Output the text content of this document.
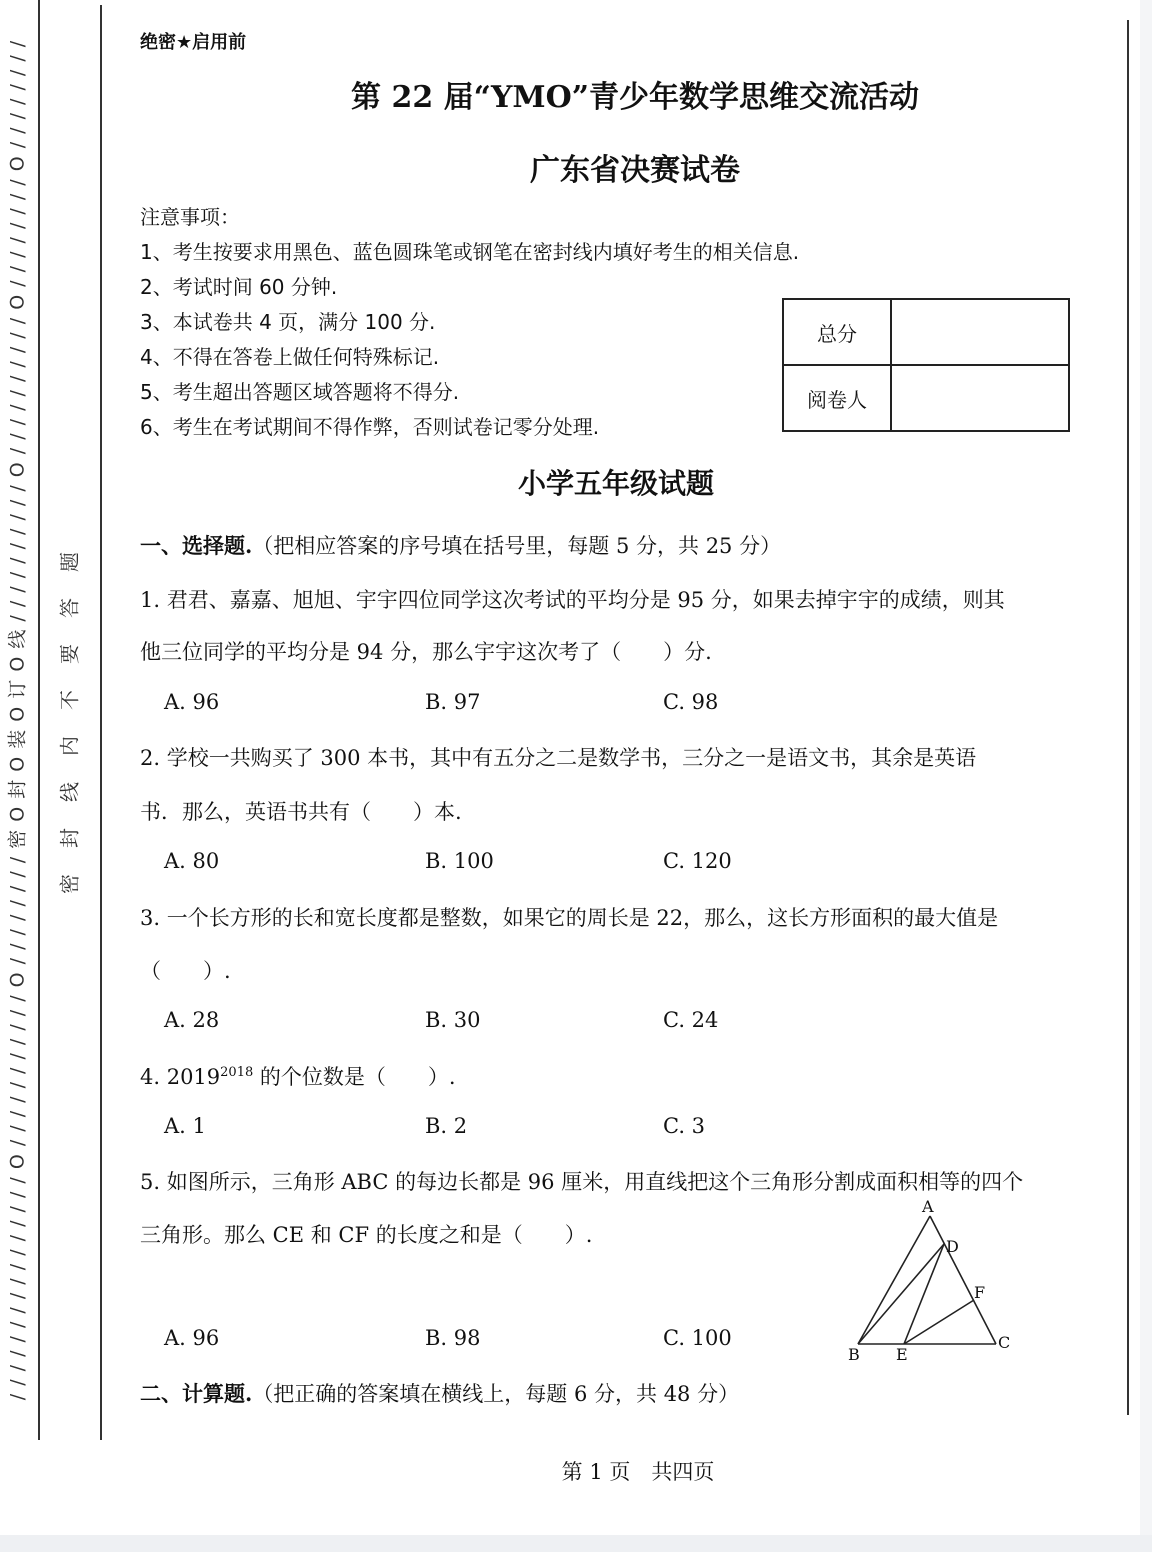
/ / / / / / / / / / / / / / / / O / / / / / / / / / / / O / / / / / / / / 密 O 封 O 装 O 订 O 线 / / / / / / / / / / O / / / / / / / / / / O / / / / / / / / O / / / / / / / / 密封线内不要答题
绝密★启用前
第 22 届“YMO”青少年数学思维交流活动
广东省决赛试卷
注意事项：
1、考生按要求用黑色、蓝色圆珠笔或钢笔在密封线内填好考生的相关信息.
2、考试时间 60 分钟.
3、本试卷共 4 页，满分 100 分.
4、不得在答卷上做任何特殊标记.
5、考生超出答题区域答题将不得分.
6、考生在考试期间不得作弊，否则试卷记零分处理.
总分	
阅卷人	
小学五年级试题
一、选择题.（把相应答案的序号填在括号里，每题 5 分，共 25 分）
1. 君君、嘉嘉、旭旭、宇宇四位同学这次考试的平均分是 95 分，如果去掉宇宇的成绩，则其
他三位同学的平均分是 94 分，那么宇宇这次考了（　　）分.
A. 96	B. 97	C. 98
2. 学校一共购买了 300 本书，其中有五分之二是数学书，三分之一是语文书，其余是英语
书．那么，英语书共有（　　）本.
A. 80	B. 100	C. 120
3. 一个长方形的长和宽长度都是整数，如果它的周长是 22，那么，这长方形面积的最大值是
（　　）.
A. 28	B. 30	C. 24
4. $2019^{2018}$ 的个位数是（　　）.
A. 1	B. 2	C. 3
5. 如图所示，三角形 ABC 的每边长都是 96 厘米，用直线把这个三角形分割成面积相等的四个
三角形。那么 CE 和 CF 的长度之和是（　　）.
A. 96	B. 98	C. 100
A
D
F
C
B E
二、计算题.（把正确的答案填在横线上，每题 6 分，共 48 分）
第 1 页　共四页
